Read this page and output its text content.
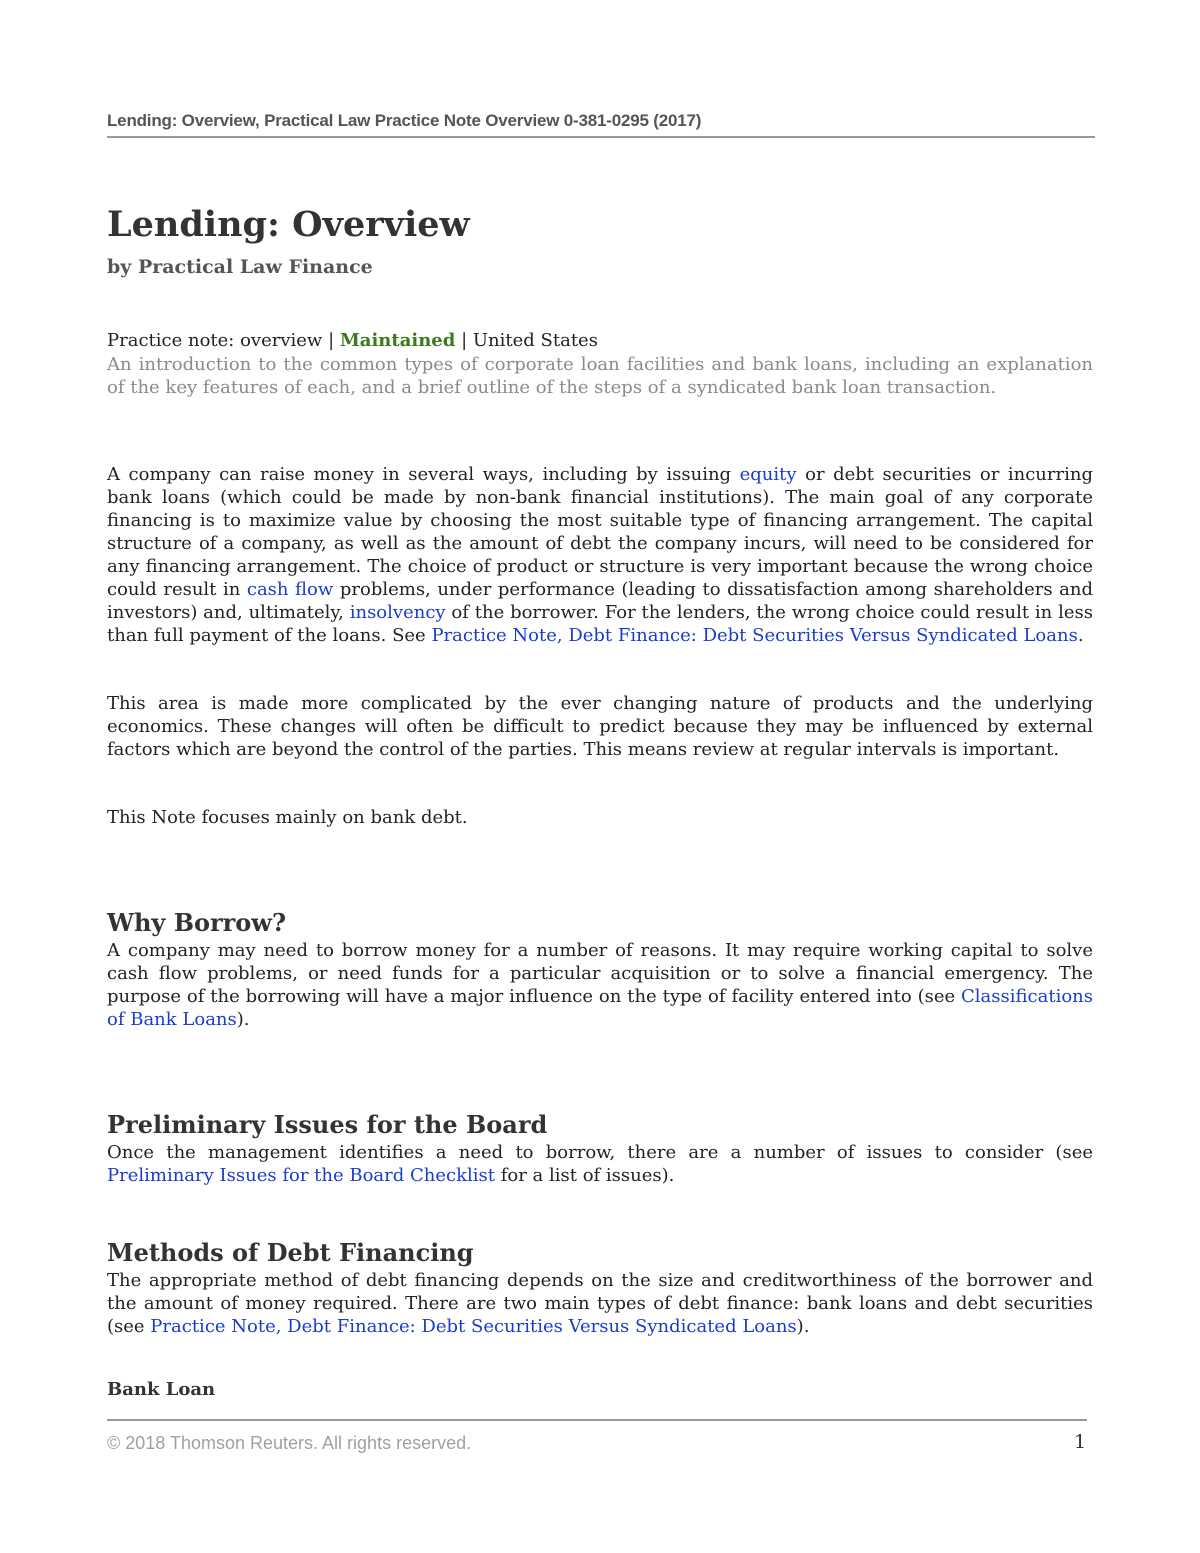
Lending: Overview, Practical Law Practice Note Overview 0-381-0295 (2017)
Lending: Overview
by Practical Law Finance
Practice note: overview | Maintained | United States
An introduction to the common types of corporate loan facilities and bank loans, including an explanation of the key features of each, and a brief outline of the steps of a syndicated bank loan transaction.

A company can raise money in several ways, including by issuing equity or debt securities or incurring bank loans (which could be made by non-bank financial institutions). The main goal of any corporate financing is to maximize value by choosing the most suitable type of financing arrangement. The capital structure of a company, as well as the amount of debt the company incurs, will need to be considered for any financing arrangement. The choice of product or structure is very important because the wrong choice could result in cash flow problems, under performance (leading to dissatisfaction among shareholders and investors) and, ultimately, insolvency of the borrower. For the lenders, the wrong choice could result in less than full payment of the loans. See Practice Note, Debt Finance: Debt Securities Versus Syndicated Loans.

This area is made more complicated by the ever changing nature of products and the underlying economics. These changes will often be difficult to predict because they may be influenced by external factors which are beyond the control of the parties. This means review at regular intervals is important.

This Note focuses mainly on bank debt.

Why Borrow?

A company may need to borrow money for a number of reasons. It may require working capital to solve cash flow problems, or need funds for a particular acquisition or to solve a financial emergency. The purpose of the borrowing will have a major influence on the type of facility entered into (see Classifications of Bank Loans).

Preliminary Issues for the Board

Once the management identifies a need to borrow, there are a number of issues to consider (see Preliminary Issues for the Board Checklist for a list of issues).

Methods of Debt Financing

The appropriate method of debt financing depends on the size and creditworthiness of the borrower and the amount of money required. There are two main types of debt finance: bank loans and debt securities (see Practice Note, Debt Finance: Debt Securities Versus Syndicated Loans).

Bank Loan
© 2018 Thomson Reuters. All rights reserved.	1
